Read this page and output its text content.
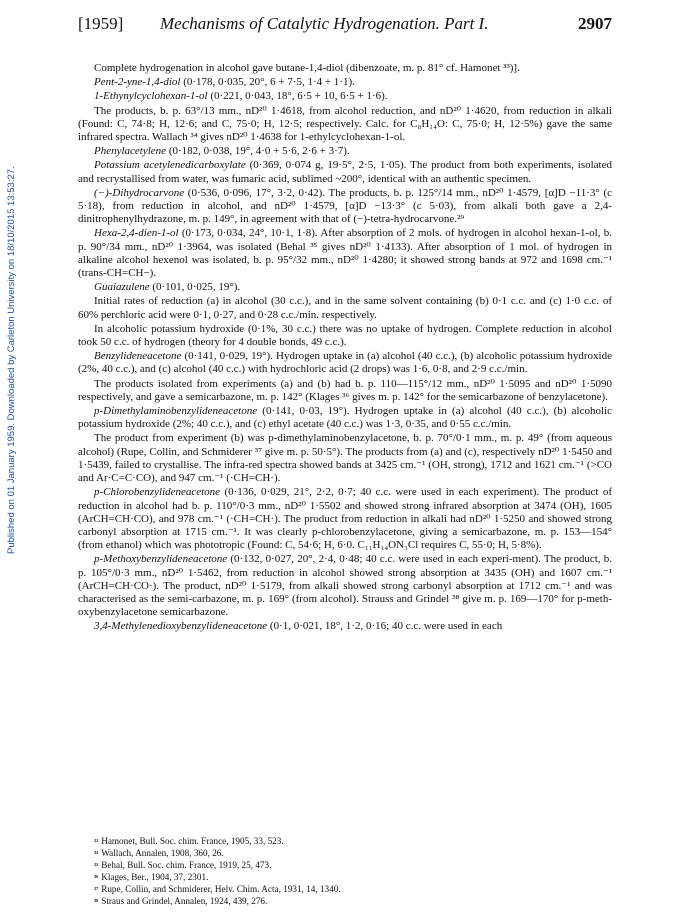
Published on 01 January 1959. Downloaded by Carleton University on 18/10/2015 13:53:27.
[1959] Mechanisms of Catalytic Hydrogenation. Part I.	2907

Complete hydrogenation in alcohol gave butane-1,4-diol (dibenzoate, m. p. 81° cf. Hamonet ³³)].

Pent-2-yne-1,4-diol (0·178, 0·035, 20°, 6 + 7·5, 1·4 + 1·1).

1-Ethynylcyclohexan-1-ol (0·221, 0·043, 18°, 6·5 + 10, 6·5 + 1·6).

The products, b. p. 63°/13 mm., nD²⁰ 1·4618, from alcohol reduction, and nD²⁰ 1·4620, from reduction in alkali (Found: C, 74·8; H, 12·6; and C, 75·0; H, 12·5; respectively. Calc. for C₈H₁₄O: C, 75·0; H, 12·5%) gave the same infrared spectra. Wallach ³⁴ gives nD²⁰ 1·4638 for 1-ethylcyclohexan-1-ol.

Phenylacetylene (0·182, 0·038, 19°, 4·0 + 5·6, 2·6 + 3·7).

Potassium acetylenedicarboxylate (0·369, 0·074 g, 19·5°, 2·5, 1·05). The product from both experiments, isolated and recrystallised from water, was fumaric acid, sublimed ~200°, identical with an authentic specimen.

(−)-Dihydrocarvone (0·536, 0·096, 17°, 3·2, 0·42). The products, b. p. 125°/14 mm., nD²⁰ 1·4579, [α]D −11·3° (c 5·18), from reduction in alcohol, and nD²⁰ 1·4579, [α]D −13·3° (c 5·03), from alkali both gave a 2,4-dinitrophenylhydrazone, m. p. 149°, in agreement with that of (−)-tetra-hydrocarvone.²⁹

Hexa-2,4-dien-1-ol (0·173, 0·034, 24°, 10·1, 1·8). After absorption of 2 mols. of hydrogen in alcohol hexan-1-ol, b. p. 90°/34 mm., nD²⁰ 1·3964, was isolated (Behal ³⁵ gives nD²⁰ 1·4133). After absorption of 1 mol. of hydrogen in alkaline alcohol hexenol was isolated, b. p. 95°/32 mm., nD²⁰ 1·4280; it showed strong bands at 972 and 1698 cm.⁻¹ (trans-CH=CH−).

Guaiazulene (0·101, 0·025, 19°).

Initial rates of reduction (a) in alcohol (30 c.c.), and in the same solvent containing (b) 0·1 c.c. and (c) 1·0 c.c. of 60% perchloric acid were 0·1, 0·27, and 0·28 c.c./min. respectively.

In alcoholic potassium hydroxide (0·1%, 30 c.c.) there was no uptake of hydrogen. Complete reduction in alcohol took 50 c.c. of hydrogen (theory for 4 double bonds, 49 c.c.).

Benzylideneacetone (0·141, 0·029, 19°). Hydrogen uptake in (a) alcohol (40 c.c.), (b) alcoholic potassium hydroxide (2%, 40 c.c.), and (c) alcohol (40 c.c.) with hydrochloric acid (2 drops) was 1·6, 0·8, and 2·9 c.c./min.

The products isolated from experiments (a) and (b) had b. p. 110—115°/12 mm., nD²⁰ 1·5095 and nD²⁰ 1·5090 respectively, and gave a semicarbazone, m. p. 142° (Klages ³⁶ gives m. p. 142° for the semicarbazone of benzylacetone).

p-Dimethylaminobenzylideneacetone (0·141, 0·03, 19°). Hydrogen uptake in (a) alcohol (40 c.c.), (b) alcoholic potassium hydroxide (2%; 40 c.c.), and (c) ethyl acetate (40 c.c.) was 1·3, 0·35, and 0·55 c.c./min.

The product from experiment (b) was p-dimethylaminobenzylacetone, b. p. 70°/0·1 mm., m. p. 49° (from aqueous alcohol) (Rupe, Collin, and Schmiderer ³⁷ give m. p. 50·5°). The products from (a) and (c), respectively nD²⁰ 1·5450 and 1·5439, failed to crystallise. The infra-red spectra showed bands at 3425 cm.⁻¹ (OH, strong), 1712 and 1621 cm.⁻¹ (>CO and Ar·C=C·CO), and 947 cm.⁻¹ (·CH=CH·).

p-Chlorobenzylideneacetone (0·136, 0·029, 21°, 2·2, 0·7; 40 c.c. were used in each experiment). The product of reduction in alcohol had b. p. 110°/0·3 mm., nD²⁰ 1·5502 and showed strong infrared absorption at 3474 (OH), 1605 (ArCH=CH·CO), and 978 cm.⁻¹ (·CH=CH·). The product from reduction in alkali had nD²⁰ 1·5250 and showed strong carbonyl absorption at 1715 cm.⁻¹. It was clearly p-chlorobenzylacetone, giving a semicarbazone, m. p. 153—154° (from ethanol) which was phototropic (Found: C, 54·6; H, 6·0. C₁₁H₁₄ON₃Cl requires C, 55·0; H, 5·8%).

p-Methoxybenzylideneacetone (0·132, 0·027, 20°, 2·4, 0·48; 40 c.c. were used in each experi-ment). The product, b. p. 105°/0·3 mm., nD²⁰ 1·5462, from reduction in alcohol showed strong absorption at 3435 (OH) and 1607 cm.⁻¹ (ArCH=CH·CO·). The product, nD²⁰ 1·5179, from alkali showed strong carbonyl absorption at 1712 cm.⁻¹ and was characterised as the semi-carbazone, m. p. 169° (from alcohol). Strauss and Grindel ³⁸ give m. p. 169—170° for p-meth-oxybenzylacetone semicarbazone.

3,4-Methylenedioxybenzylideneacetone (0·1, 0·021, 18°, 1·2, 0·16; 40 c.c. were used in each

³³ Hamonet, Bull. Soc. chim. France, 1905, 33, 523.
³⁴ Wallach, Annalen, 1908, 360, 26.
³⁵ Behal, Bull. Soc. chim. France, 1919, 25, 473.
³⁶ Klages, Ber., 1904, 37, 2301.
³⁷ Rupe, Collin, and Schmiderer, Helv. Chim. Acta, 1931, 14, 1340.
³⁸ Straus and Grindel, Annalen, 1924, 439, 276.
